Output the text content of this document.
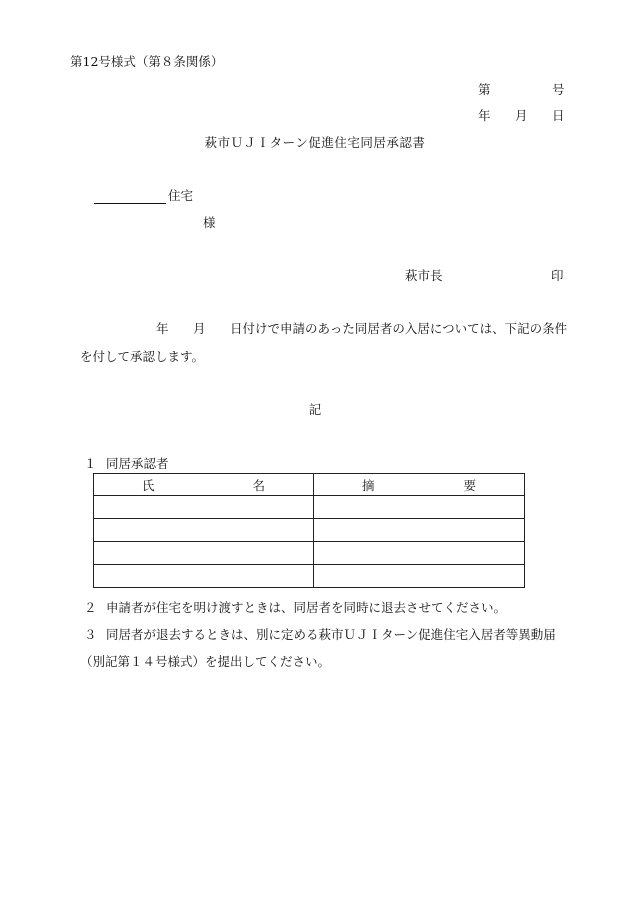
第12号様式（第８条関係）
第	号
年 月 日
萩市ＵＪＩターン促進住宅同居承認書
住宅
様
萩市長	印
年 月 日付けで申請のあった同居者の入居については、下記の条件
を付して承認します。
記
１ 同居承認者
氏 名	摘 要

２ 申請者が住宅を明け渡すときは、同居者を同時に退去させてください。
３ 同居者が退去するときは、別に定める萩市ＵＪＩターン促進住宅入居者等異動届
（別記第１４号様式）を提出してください。
